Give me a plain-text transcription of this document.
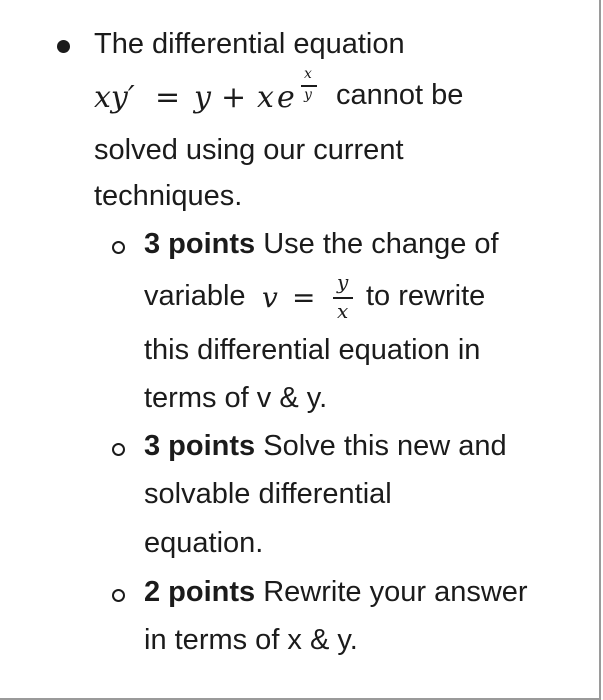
The differential equation
xy′ = y + x e
x
y cannot be
solved using our current
techniques.
3 points Use the change of
variable v = y
x to rewrite
this differential equation in
terms of v & y.
3 points Solve this new and
solvable differential
equation.
2 points Rewrite your answer
in terms of x & y.
